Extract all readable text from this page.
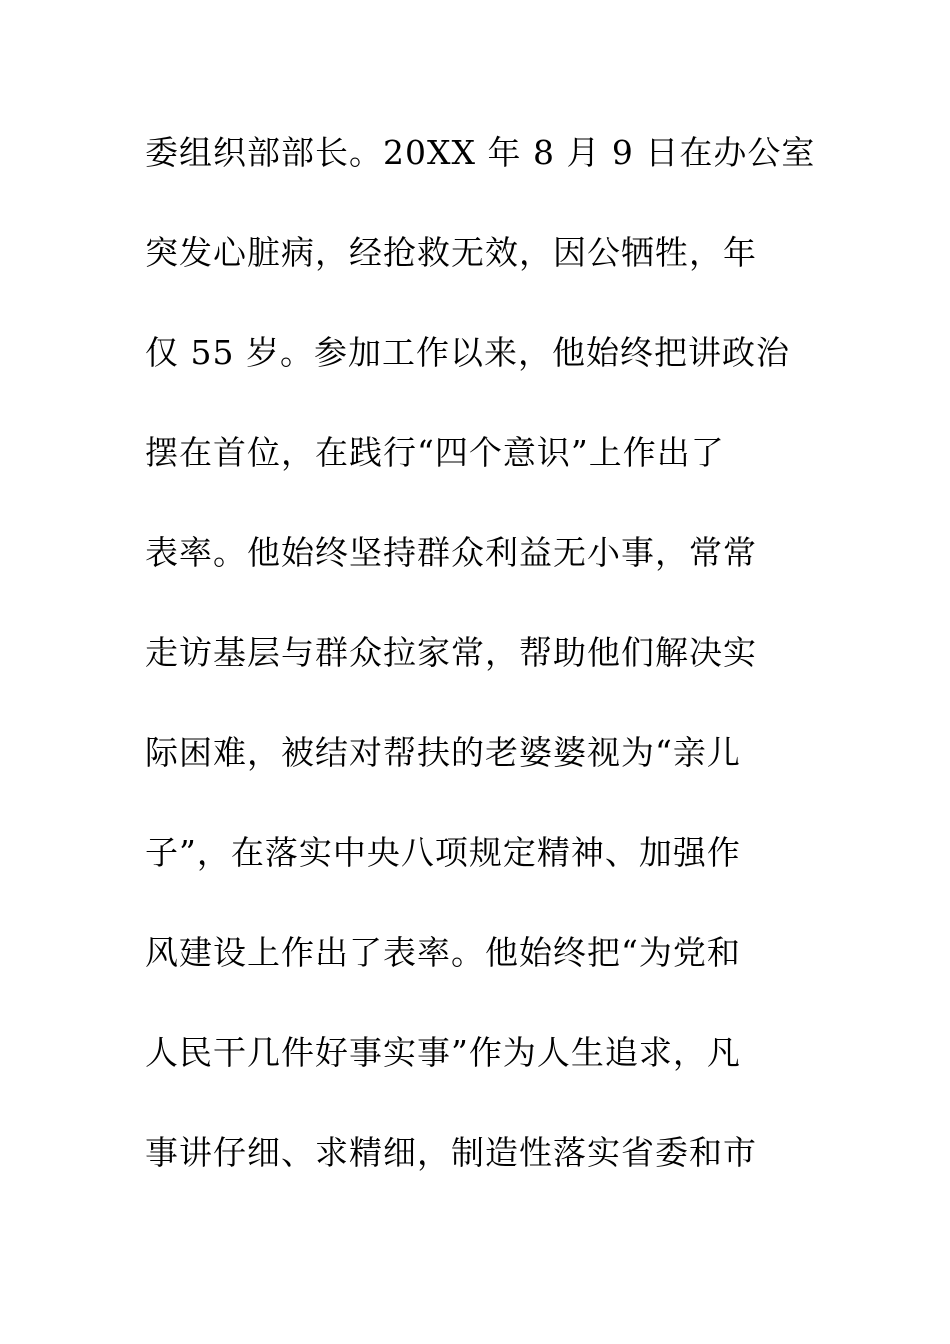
委组织部部长。20XX 年 8 月 9 日在办公室
突发心脏病，经抢救无效，因公牺牲，年
仅 55 岁。参加工作以来，他始终把讲政治
摆在首位，在践行“四个意识”上作出了
表率。他始终坚持群众利益无小事，常常
走访基层与群众拉家常，帮助他们解决实
际困难，被结对帮扶的老婆婆视为“亲儿
子”，在落实中央八项规定精神、加强作
风建设上作出了表率。他始终把“为党和
人民干几件好事实事”作为人生追求，凡
事讲仔细、求精细，制造性落实省委和市
